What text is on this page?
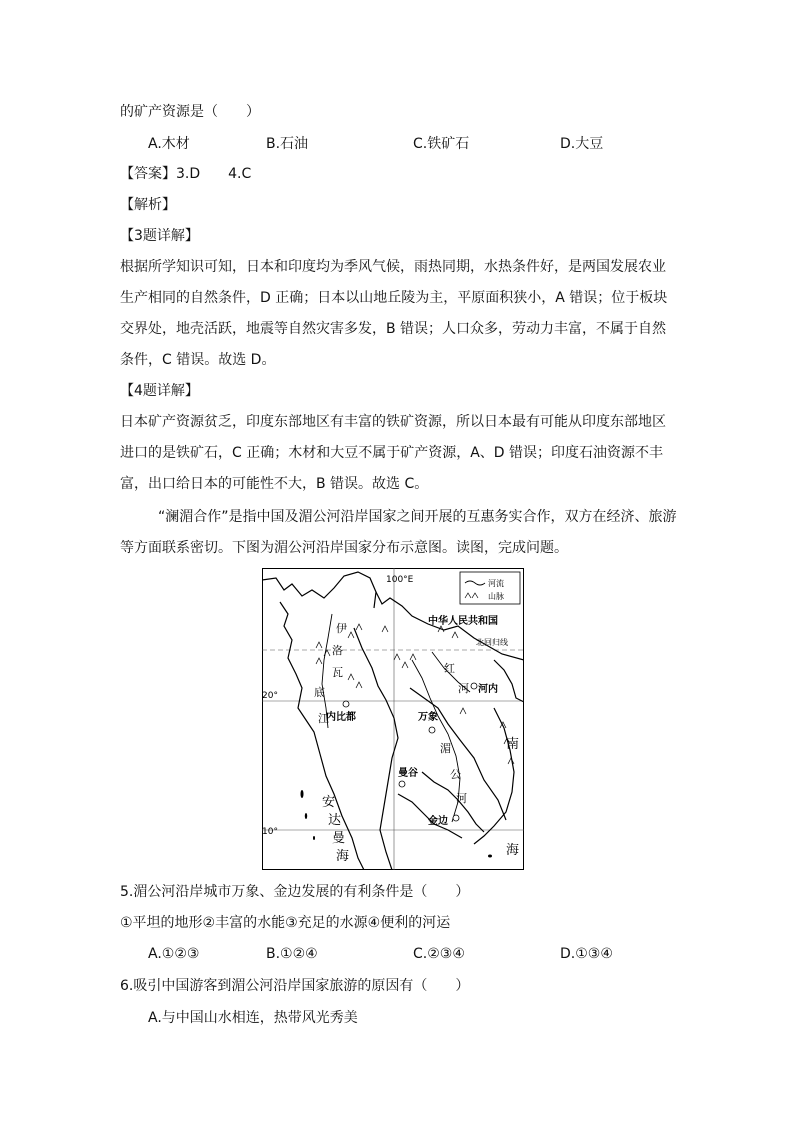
的矿产资源是（　　）
A.木材	B.石油	C.铁矿石	D.大豆
【答案】3.D　　4.C
【解析】
【3题详解】
根据所学知识可知，日本和印度均为季风气候，雨热同期，水热条件好，是两国发展农业
生产相同的自然条件，D 正确；日本以山地丘陵为主，平原面积狭小，A 错误；位于板块
交界处，地壳活跃，地震等自然灾害多发，B 错误；人口众多，劳动力丰富，不属于自然
条件，C 错误。故选 D。
【4题详解】
日本矿产资源贫乏，印度东部地区有丰富的铁矿资源，所以日本最有可能从印度东部地区
进口的是铁矿石，C 正确；木材和大豆不属于矿产资源，A、D 错误；印度石油资源不丰
富，出口给日本的可能性不大，B 错误。故选 C。
“澜湄合作”是指中国及湄公河沿岸国家之间开展的互惠务实合作，双方在经济、旅游
等方面联系密切。下图为湄公河沿岸国家分布示意图。读图，完成问题。
河流
山脉
100°E
20°
10°
北回归线
中华人民共和国
河内
内比都	万象
曼谷
金边
伊
洛
瓦
底
江
红
河
湄
公
河
安
达
曼
海
南
海
5.湄公河沿岸城市万象、金边发展的有利条件是（　　）
①平坦的地形②丰富的水能③充足的水源④便利的河运
A.①②③	B.①②④	C.②③④	D.①③④
6.吸引中国游客到湄公河沿岸国家旅游的原因有（　　）
A.与中国山水相连，热带风光秀美
